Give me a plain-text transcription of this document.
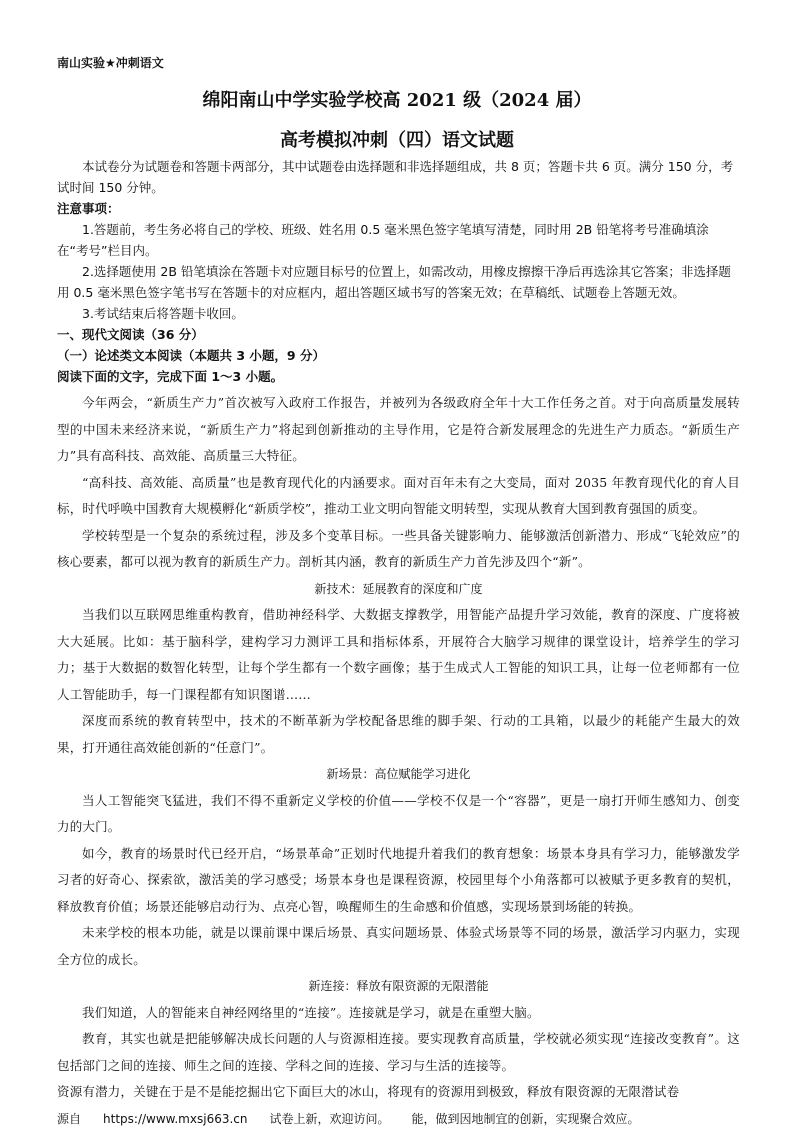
南山实验★冲刺语文
绵阳南山中学实验学校高 2021 级（2024 届）
高考模拟冲刺（四）语文试题

本试卷分为试题卷和答题卡两部分，其中试题卷由选择题和非选择题组成，共 8 页；答题卡共 6 页。满分 150 分，考试时间 150 分钟。

注意事项：

1.答题前，考生务必将自己的学校、班级、姓名用 0.5 毫米黑色签字笔填写清楚，同时用 2B 铅笔将考号准确填涂在“考号”栏目内。

2.选择题使用 2B 铅笔填涂在答题卡对应题目标号的位置上，如需改动，用橡皮擦擦干净后再选涂其它答案；非选择题用 0.5 毫米黑色签字笔书写在答题卡的对应框内，超出答题区域书写的答案无效；在草稿纸、试题卷上答题无效。

3.考试结束后将答题卡收回。

一、现代文阅读（36 分）

（一）论述类文本阅读（本题共 3 小题，9 分）

阅读下面的文字，完成下面 1～3 小题。

今年两会，“新质生产力”首次被写入政府工作报告，并被列为各级政府全年十大工作任务之首。对于向高质量发展转型的中国未来经济来说，“新质生产力”将起到创新推动的主导作用，它是符合新发展理念的先进生产力质态。“新质生产力”具有高科技、高效能、高质量三大特征。

“高科技、高效能、高质量”也是教育现代化的内涵要求。面对百年未有之大变局，面对 2035 年教育现代化的育人目标，时代呼唤中国教育大规模孵化“新质学校”，推动工业文明向智能文明转型，实现从教育大国到教育强国的质变。

学校转型是一个复杂的系统过程，涉及多个变革目标。一些具备关键影响力、能够激活创新潜力、形成“飞轮效应”的核心要素，都可以视为教育的新质生产力。剖析其内涵，教育的新质生产力首先涉及四个“新”。

新技术：延展教育的深度和广度

当我们以互联网思维重构教育，借助神经科学、大数据支撑教学，用智能产品提升学习效能，教育的深度、广度将被大大延展。比如：基于脑科学，建构学习力测评工具和指标体系，开展符合大脑学习规律的课堂设计，培养学生的学习力；基于大数据的数智化转型，让每个学生都有一个数字画像；基于生成式人工智能的知识工具，让每一位老师都有一位人工智能助手，每一门课程都有知识图谱……

深度而系统的教育转型中，技术的不断革新为学校配备思维的脚手架、行动的工具箱，以最少的耗能产生最大的效果，打开通往高效能创新的“任意门”。

新场景：高位赋能学习进化

当人工智能突飞猛进，我们不得不重新定义学校的价值——学校不仅是一个“容器”，更是一扇打开师生感知力、创变力的大门。

如今，教育的场景时代已经开启，“场景革命”正划时代地提升着我们的教育想象：场景本身具有学习力，能够激发学习者的好奇心、探索欲，激活美的学习感受；场景本身也是课程资源，校园里每个小角落都可以被赋予更多教育的契机，释放教育价值；场景还能够启动行为、点亮心智，唤醒师生的生命感和价值感，实现场景到场能的转换。

未来学校的根本功能，就是以课前课中课后场景、真实问题场景、体验式场景等不同的场景，激活学习内驱力，实现全方位的成长。

新连接：释放有限资源的无限潜能

我们知道，人的智能来自神经网络里的“连接”。连接就是学习，就是在重塑大脑。

教育，其实也就是把能够解决成长问题的人与资源相连接。要实现教育高质量，学校就必须实现“连接改变教育”。这包括部门之间的连接、师生之间的连接、学科之间的连接、学习与生活的连接等。

资源有潜力，关键在于是不是能挖掘出它下面巨大的冰山，将现有的资源用到极致，释放有限资源的无限潜试卷

源自 https://www.mxsj663.cn 试卷上新，欢迎访问。 能，做到因地制宜的创新，实现聚合效应。
